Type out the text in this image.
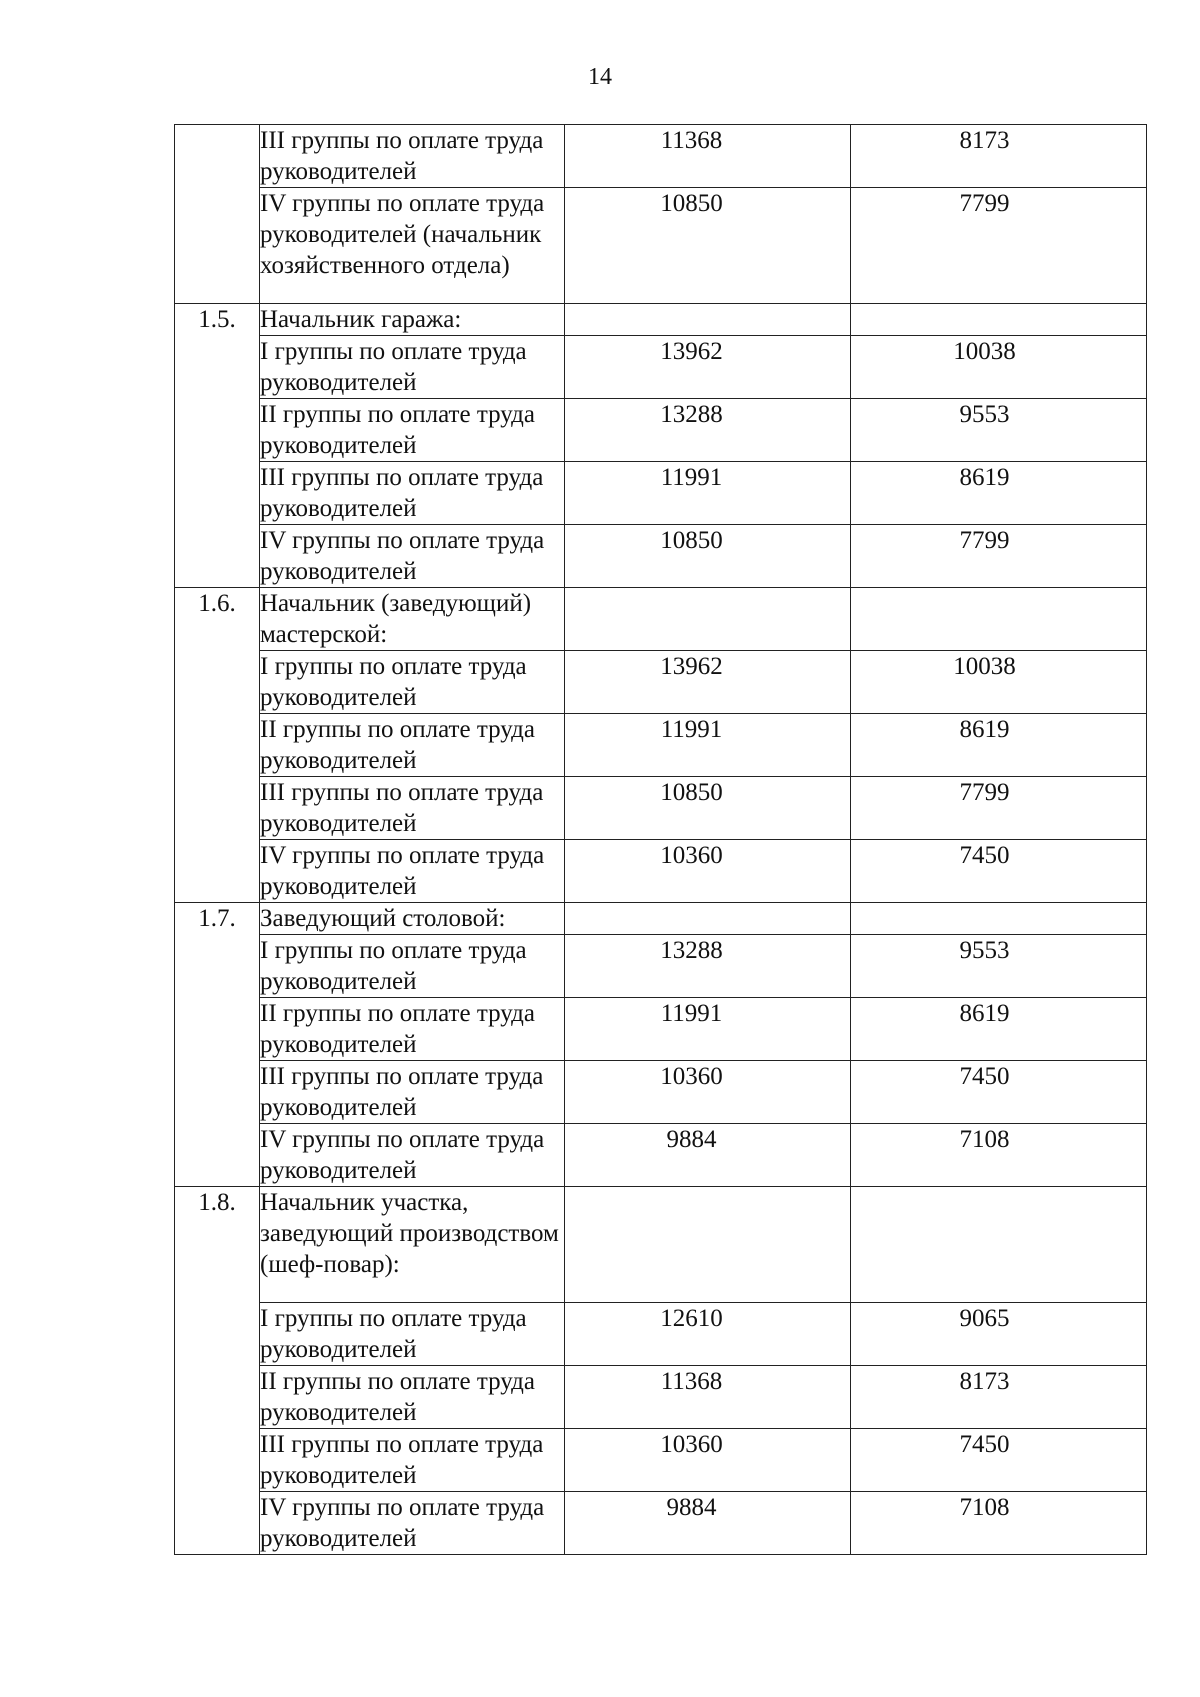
14
	III группы по оплате труда руководителей	11368	8173
	IV группы по оплате труда руководителей (начальник хозяйственного отдела)	10850	7799
1.5.	Начальник гаража:		
	I группы по оплате труда руководителей	13962	10038
	II группы по оплате труда руководителей	13288	9553
	III группы по оплате труда руководителей	11991	8619
	IV группы по оплате труда руководителей	10850	7799
1.6.	Начальник (заведующий) мастерской:		
	I группы по оплате труда руководителей	13962	10038
	II группы по оплате труда руководителей	11991	8619
	III группы по оплате труда руководителей	10850	7799
	IV группы по оплате труда руководителей	10360	7450
1.7.	Заведующий столовой:		
	I группы по оплате труда руководителей	13288	9553
	II группы по оплате труда руководителей	11991	8619
	III группы по оплате труда руководителей	10360	7450
	IV группы по оплате труда руководителей	9884	7108
1.8.	Начальник участка, заведующий производством (шеф-повар):		
	I группы по оплате труда руководителей	12610	9065
	II группы по оплате труда руководителей	11368	8173
	III группы по оплате труда руководителей	10360	7450
	IV группы по оплате труда руководителей	9884	7108
